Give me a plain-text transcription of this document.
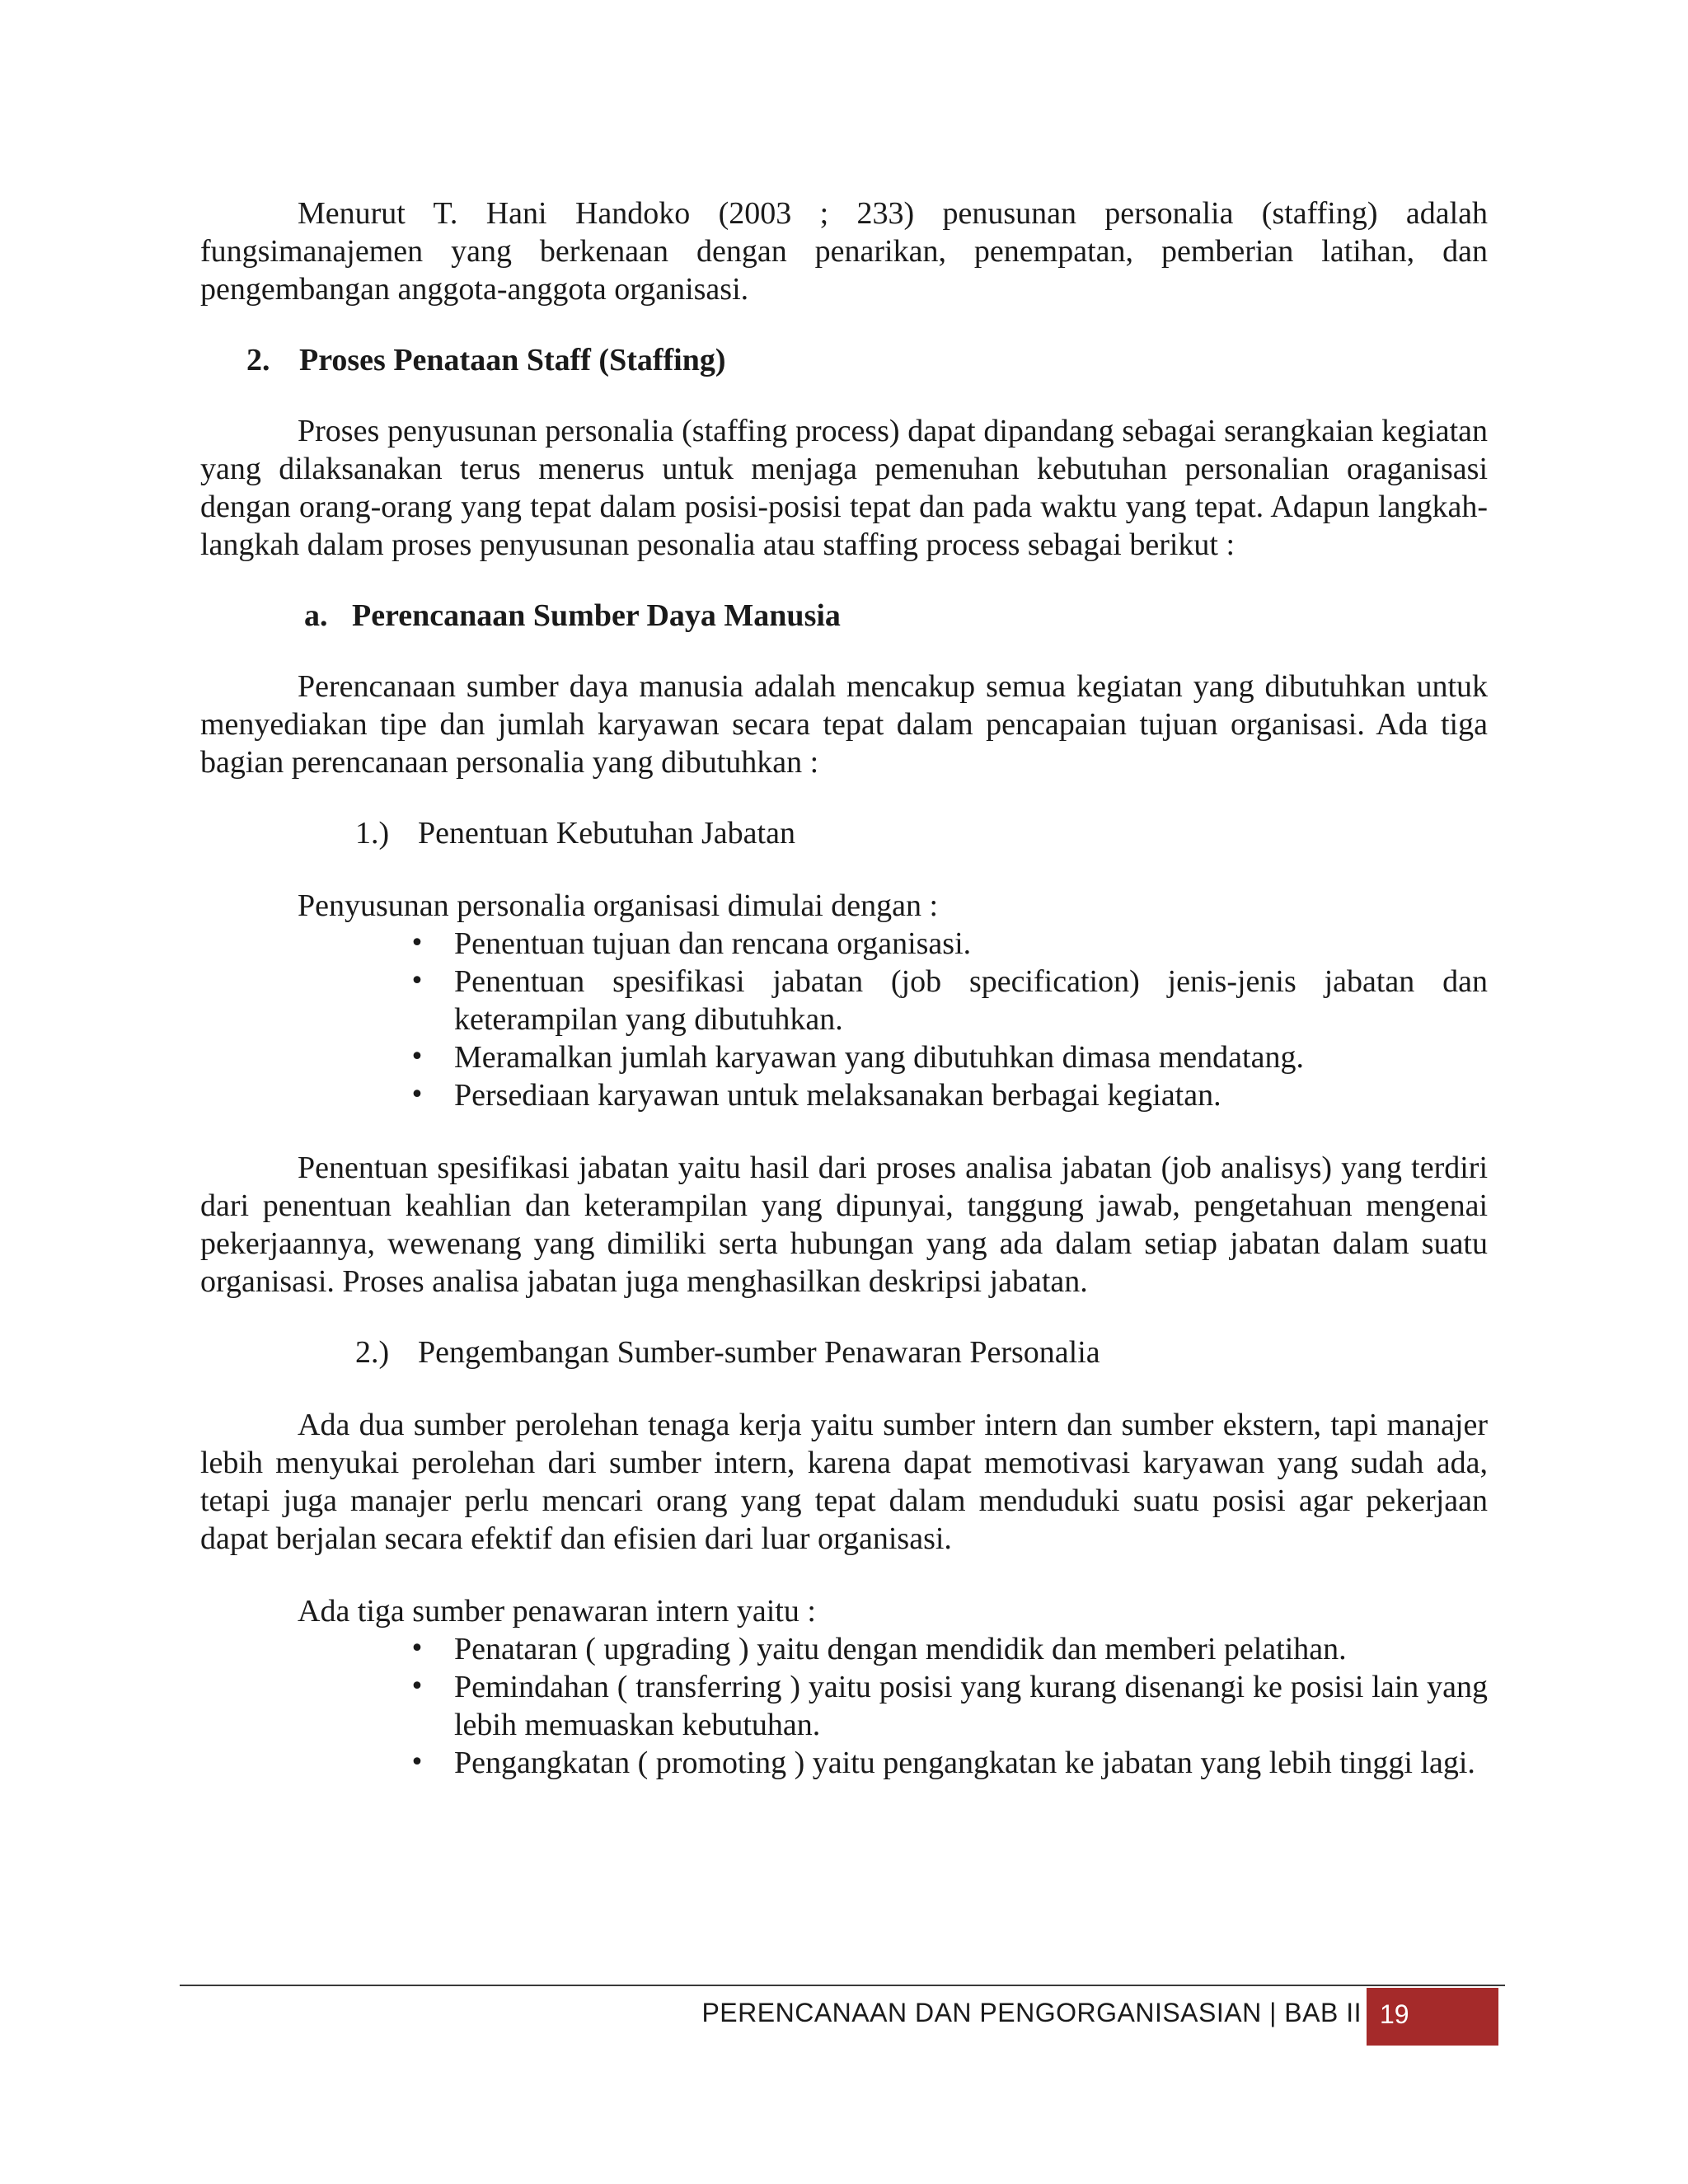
Menurut T. Hani Handoko (2003 ; 233) penusunan personalia (staffing) adalah fungsimanajemen yang berkenaan dengan penarikan, penempatan, pemberian latihan, dan pengembangan anggota-anggota organisasi.

2. Proses Penataan Staff (Staffing)

Proses penyusunan personalia (staffing process) dapat dipandang sebagai serangkaian kegiatan yang dilaksanakan terus menerus untuk menjaga pemenuhan kebutuhan personalian oraganisasi dengan orang-orang yang tepat dalam posisi-posisi tepat dan pada waktu yang tepat. Adapun langkah-langkah dalam proses penyusunan pesonalia atau staffing process sebagai berikut :

a. Perencanaan Sumber Daya Manusia

Perencanaan sumber daya manusia adalah mencakup semua kegiatan yang dibutuhkan untuk menyediakan tipe dan jumlah karyawan secara tepat dalam pencapaian tujuan organisasi. Ada tiga bagian perencanaan personalia yang dibutuhkan :

1.) Penentuan Kebutuhan Jabatan

Penyusunan personalia organisasi dimulai dengan :

• Penentuan tujuan dan rencana organisasi.
• Penentuan spesifikasi jabatan (job specification) jenis-jenis jabatan dan keterampilan yang dibutuhkan.
• Meramalkan jumlah karyawan yang dibutuhkan dimasa mendatang.
• Persediaan karyawan untuk melaksanakan berbagai kegiatan.

Penentuan spesifikasi jabatan yaitu hasil dari proses analisa jabatan (job analisys) yang terdiri dari penentuan keahlian dan keterampilan yang dipunyai, tanggung jawab, pengetahuan mengenai pekerjaannya, wewenang yang dimiliki serta hubungan yang ada dalam setiap jabatan dalam suatu organisasi. Proses analisa jabatan juga menghasilkan deskripsi jabatan.

2.) Pengembangan Sumber-sumber Penawaran Personalia

Ada dua sumber perolehan tenaga kerja yaitu sumber intern dan sumber ekstern, tapi manajer lebih menyukai perolehan dari sumber intern, karena dapat memotivasi karyawan yang sudah ada, tetapi juga manajer perlu mencari orang yang tepat dalam menduduki suatu posisi agar pekerjaan dapat berjalan secara efektif dan efisien dari luar organisasi.

Ada tiga sumber penawaran intern yaitu :

• Penataran ( upgrading ) yaitu dengan mendidik dan memberi pelatihan.
• Pemindahan ( transferring ) yaitu posisi yang kurang disenangi ke posisi lain yang lebih memuaskan kebutuhan.
• Pengangkatan ( promoting ) yaitu pengangkatan ke jabatan yang lebih tinggi lagi.
PERENCANAAN DAN PENGORGANISASIAN | BAB II 19
